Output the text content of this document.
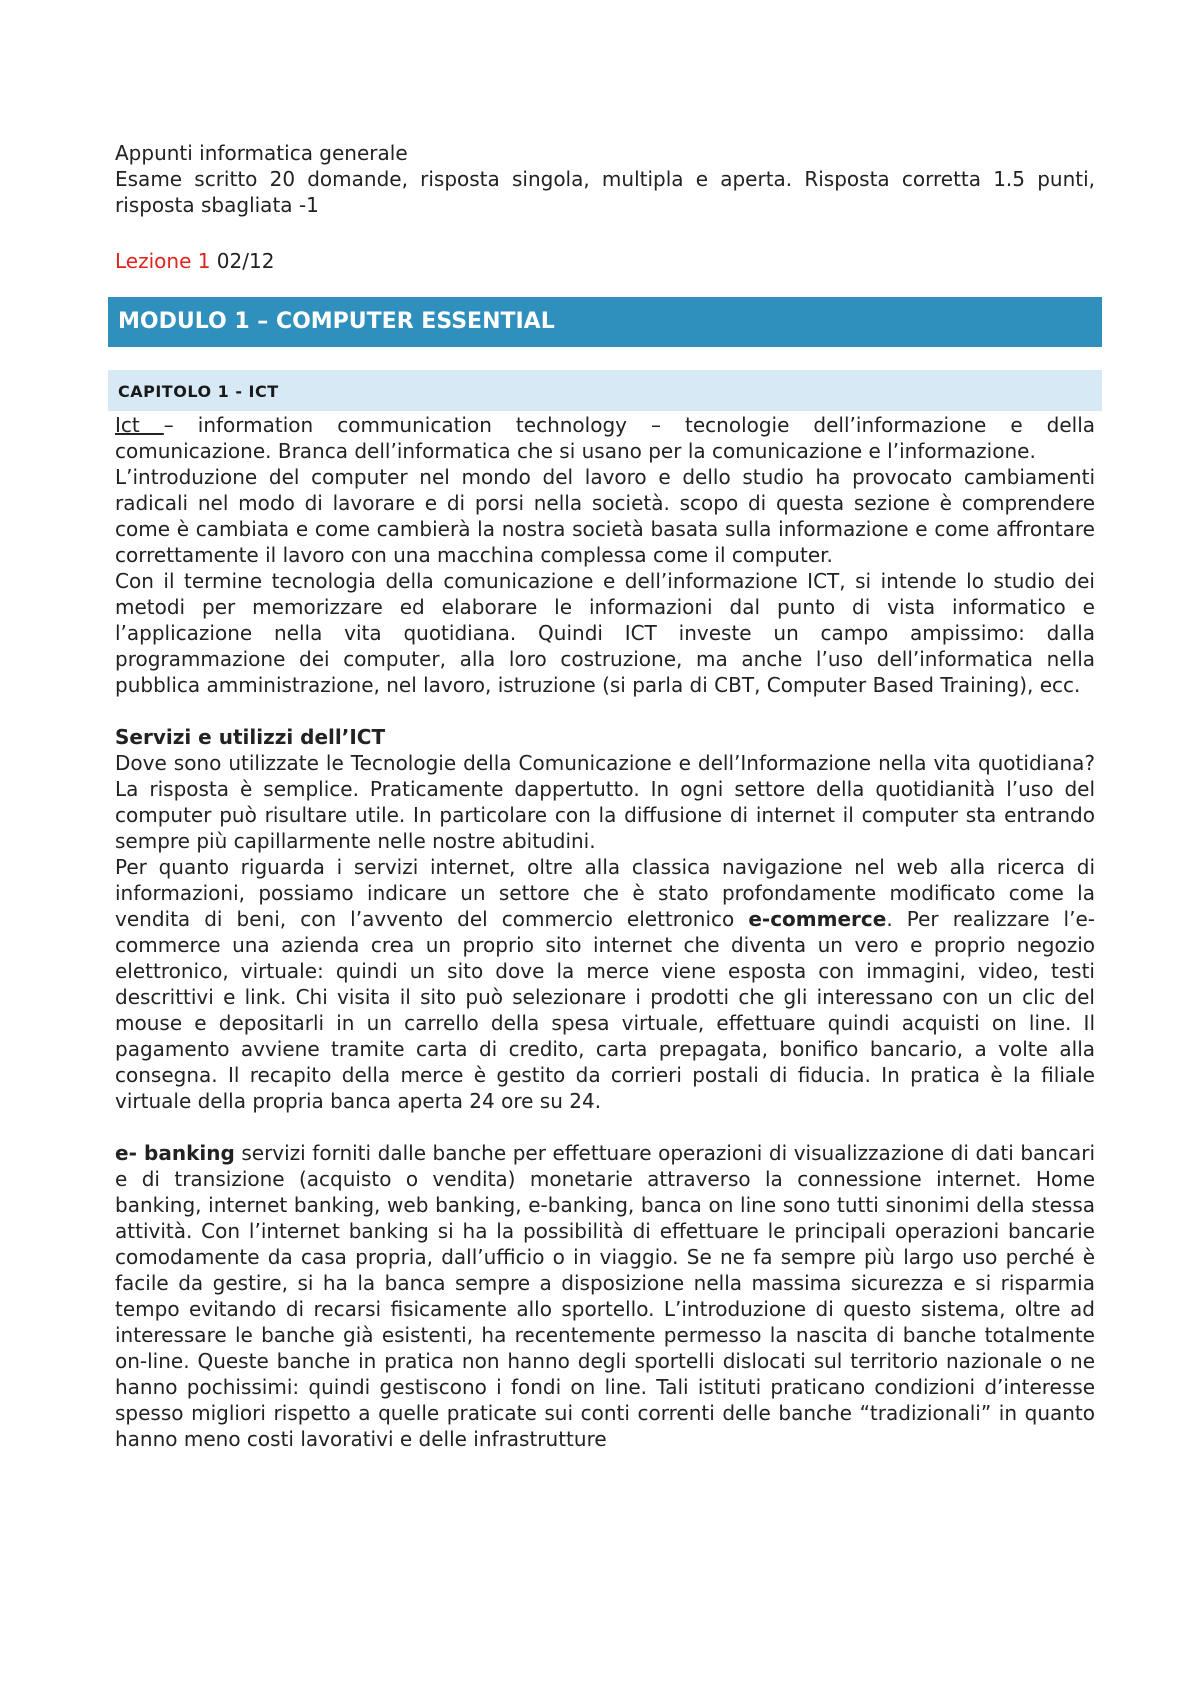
Appunti informatica generale

Esame scritto 20 domande, risposta singola, multipla e aperta. Risposta corretta 1.5 punti, risposta sbagliata -1

Lezione 1 02/12

MODULO 1 – COMPUTER ESSENTIAL
CAPITOLO 1 - ICT

Ict – information communication technology – tecnologie dell’informazione e della comunicazione. Branca dell’informatica che si usano per la comunicazione e l’informazione.

L’introduzione del computer nel mondo del lavoro e dello studio ha provocato cambiamenti radicali nel modo di lavorare e di porsi nella società. scopo di questa sezione è comprendere come è cambiata e come cambierà la nostra società basata sulla informazione e come affrontare correttamente il lavoro con una macchina complessa come il computer.

Con il termine tecnologia della comunicazione e dell’informazione ICT, si intende lo studio dei metodi per memorizzare ed elaborare le informazioni dal punto di vista informatico e l’applicazione nella vita quotidiana. Quindi ICT investe un campo ampissimo: dalla programmazione dei computer, alla loro costruzione, ma anche l’uso dell’informatica nella pubblica amministrazione, nel lavoro, istruzione (si parla di CBT, Computer Based Training), ecc.

Servizi e utilizzi dell’ICT

Dove sono utilizzate le Tecnologie della Comunicazione e dell’Informazione nella vita quotidiana? La risposta è semplice. Praticamente dappertutto. In ogni settore della quotidianità l’uso del computer può risultare utile. In particolare con la diffusione di internet il computer sta entrando sempre più capillarmente nelle nostre abitudini.

Per quanto riguarda i servizi internet, oltre alla classica navigazione nel web alla ricerca di informazioni, possiamo indicare un settore che è stato profondamente modificato come la vendita di beni, con l’avvento del commercio elettronico e-commerce. Per realizzare l’e-commerce una azienda crea un proprio sito internet che diventa un vero e proprio negozio elettronico, virtuale: quindi un sito dove la merce viene esposta con immagini, video, testi descrittivi e link. Chi visita il sito può selezionare i prodotti che gli interessano con un clic del mouse e depositarli in un carrello della spesa virtuale, effettuare quindi acquisti on line. Il pagamento avviene tramite carta di credito, carta prepagata, bonifico bancario, a volte alla consegna. Il recapito della merce è gestito da corrieri postali di fiducia. In pratica è la filiale virtuale della propria banca aperta 24 ore su 24.

e- banking servizi forniti dalle banche per effettuare operazioni di visualizzazione di dati bancari e di transizione (acquisto o vendita) monetarie attraverso la connessione internet. Home banking, internet banking, web banking, e-banking, banca on line sono tutti sinonimi della stessa attività. Con l’internet banking si ha la possibilità di effettuare le principali operazioni bancarie comodamente da casa propria, dall’ufficio o in viaggio. Se ne fa sempre più largo uso perché è facile da gestire, si ha la banca sempre a disposizione nella massima sicurezza e si risparmia tempo evitando di recarsi fisicamente allo sportello. L’introduzione di questo sistema, oltre ad interessare le banche già esistenti, ha recentemente permesso la nascita di banche totalmente on-line. Queste banche in pratica non hanno degli sportelli dislocati sul territorio nazionale o ne hanno pochissimi: quindi gestiscono i fondi on line. Tali istituti praticano condizioni d’interesse spesso migliori rispetto a quelle praticate sui conti correnti delle banche “tradizionali” in quanto hanno meno costi lavorativi e delle infrastrutture
